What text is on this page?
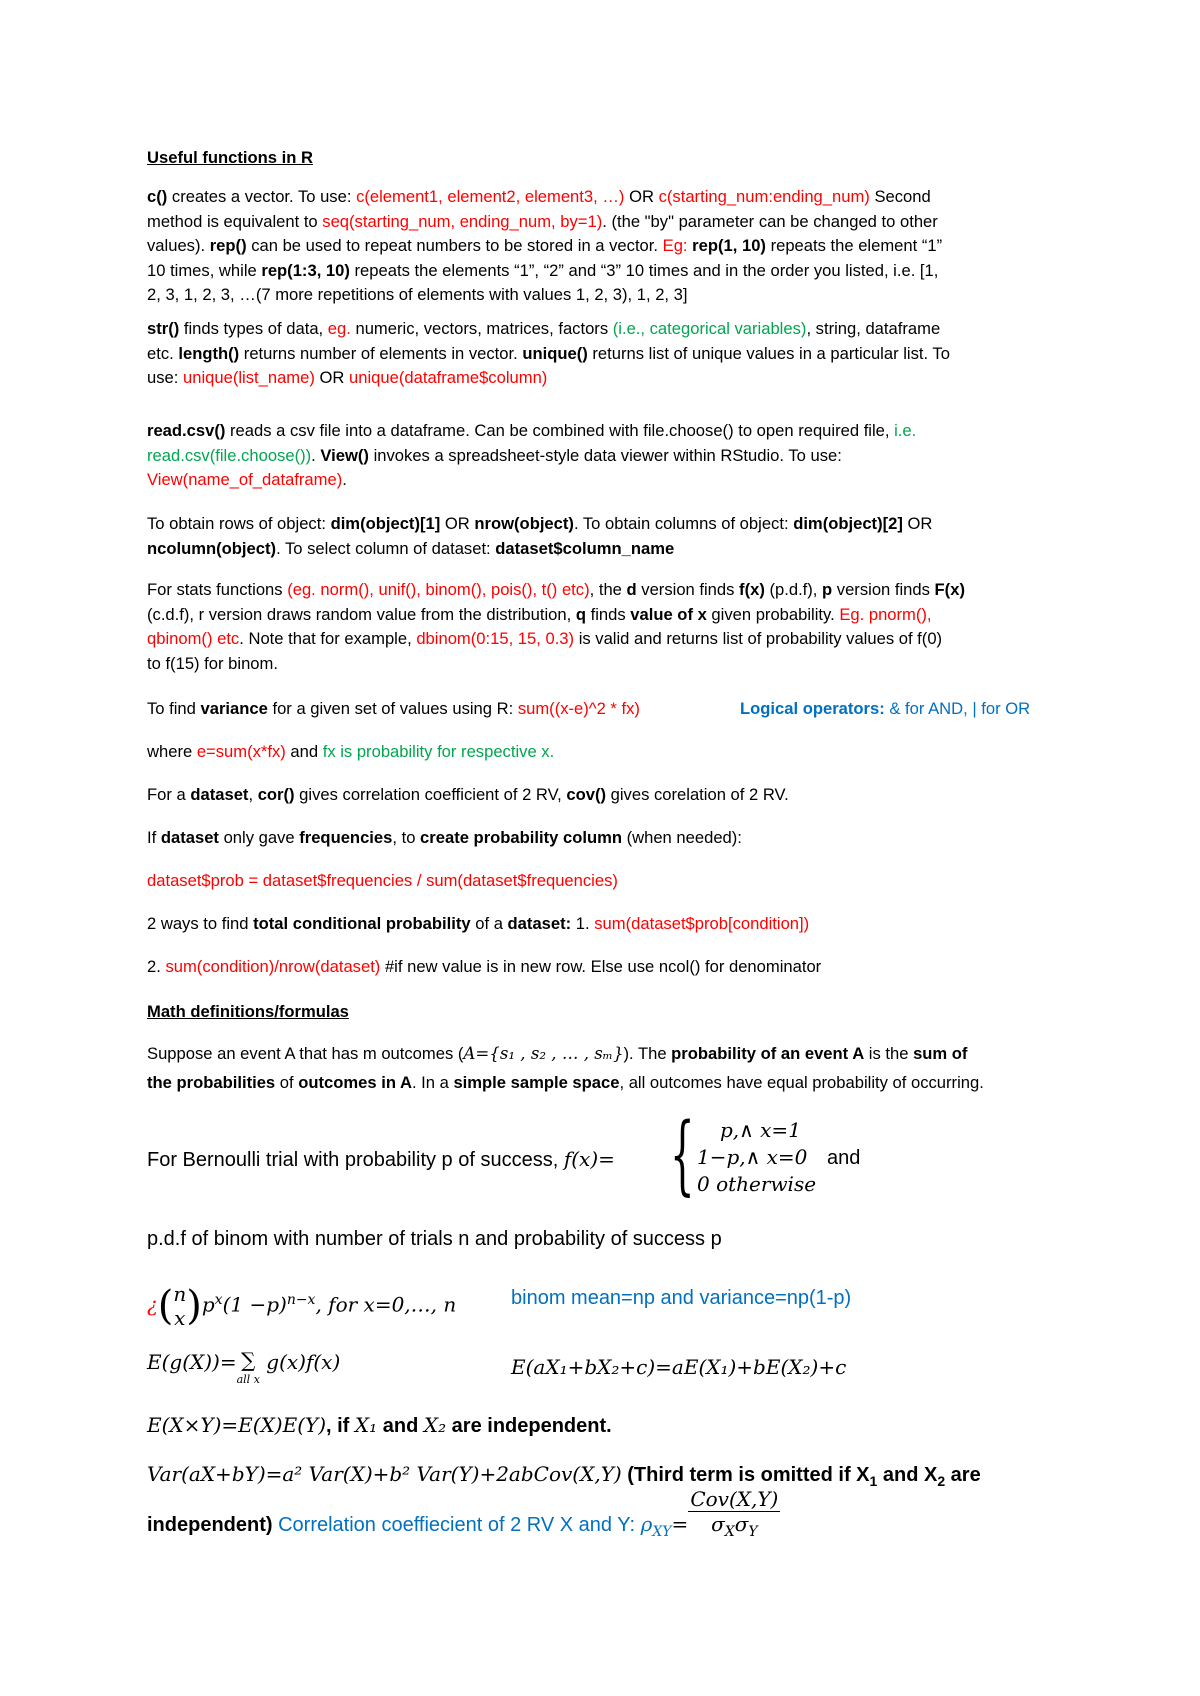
Useful functions in R
c() creates a vector. To use: c(element1, element2, element3, …) OR c(starting_num:ending_num) Second
method is equivalent to seq(starting_num, ending_num, by=1). (the "by" parameter can be changed to other
values). rep() can be used to repeat numbers to be stored in a vector. Eg: rep(1, 10) repeats the element “1”
10 times, while rep(1:3, 10) repeats the elements “1”, “2” and “3” 10 times and in the order you listed, i.e. [1,
2, 3, 1, 2, 3, …(7 more repetitions of elements with values 1, 2, 3), 1, 2, 3]
str() finds types of data, eg. numeric, vectors, matrices, factors (i.e., categorical variables), string, dataframe
etc. length() returns number of elements in vector. unique() returns list of unique values in a particular list. To
use: unique(list_name) OR unique(dataframe$column)
read.csv() reads a csv file into a dataframe. Can be combined with file.choose() to open required file, i.e.
read.csv(file.choose()). View() invokes a spreadsheet-style data viewer within RStudio. To use:
View(name_of_dataframe).
To obtain rows of object: dim(object)[1] OR nrow(object). To obtain columns of object: dim(object)[2] OR
ncolumn(object). To select column of dataset: dataset$column_name
For stats functions (eg. norm(), unif(), binom(), pois(), t() etc), the d version finds f(x) (p.d.f), p version finds F(x)
(c.d.f), r version draws random value from the distribution, q finds value of x given probability. Eg. pnorm(),
qbinom() etc. Note that for example, dbinom(0:15, 15, 0.3) is valid and returns list of probability values of f(0)
to f(15) for binom.
To find variance for a given set of values using R: sum((x-e)^2 * fx)	Logical operators: & for AND, | for OR
where e=sum(x*fx) and fx is probability for respective x.
For a dataset, cor() gives correlation coefficient of 2 RV, cov() gives corelation of 2 RV.
If dataset only gave frequencies, to create probability column (when needed):
dataset$prob = dataset$frequencies / sum(dataset$frequencies)
2 ways to find total conditional probability of a dataset: 1. sum(dataset$prob[condition])
2. sum(condition)/nrow(dataset) #if new value is in new row. Else use ncol() for denominator
Math definitions/formulas
Suppose an event A that has m outcomes (A={s₁ , s₂ , … , sₘ}). The probability of an event A is the sum of
the probabilities of outcomes in A. In a simple sample space, all outcomes have equal probability of occurring.
For Bernoulli trial with probability p of success, f(x)= { p,∧ x=1
1−p,∧ x=0
0 otherwise
and
p.d.f of binom with number of trials n and probability of success p
¿( n
x )$p^x(1 -p)^{n-x}$, for x=0,…, n	binom mean=np and variance=np(1-p)
E(g(X))= ∑
all x
g(x)f(x)	E(aX₁+bX₂+c)=aE(X₁)+bE(X₂)+c
E(X×Y)=E(X)E(Y), if X₁ and X₂ are independent.
Var(aX+bY)=a² Var(X)+b² Var(Y)+2abCov(X,Y) (Third term is omitted if $X_1$ and $X_2$ are
independent) Correlation coeffiecient of 2 RV X and Y: $\rho_{XY}= \frac{\text{Cov(X,Y)}}{\sigma_X\sigma_Y}$
